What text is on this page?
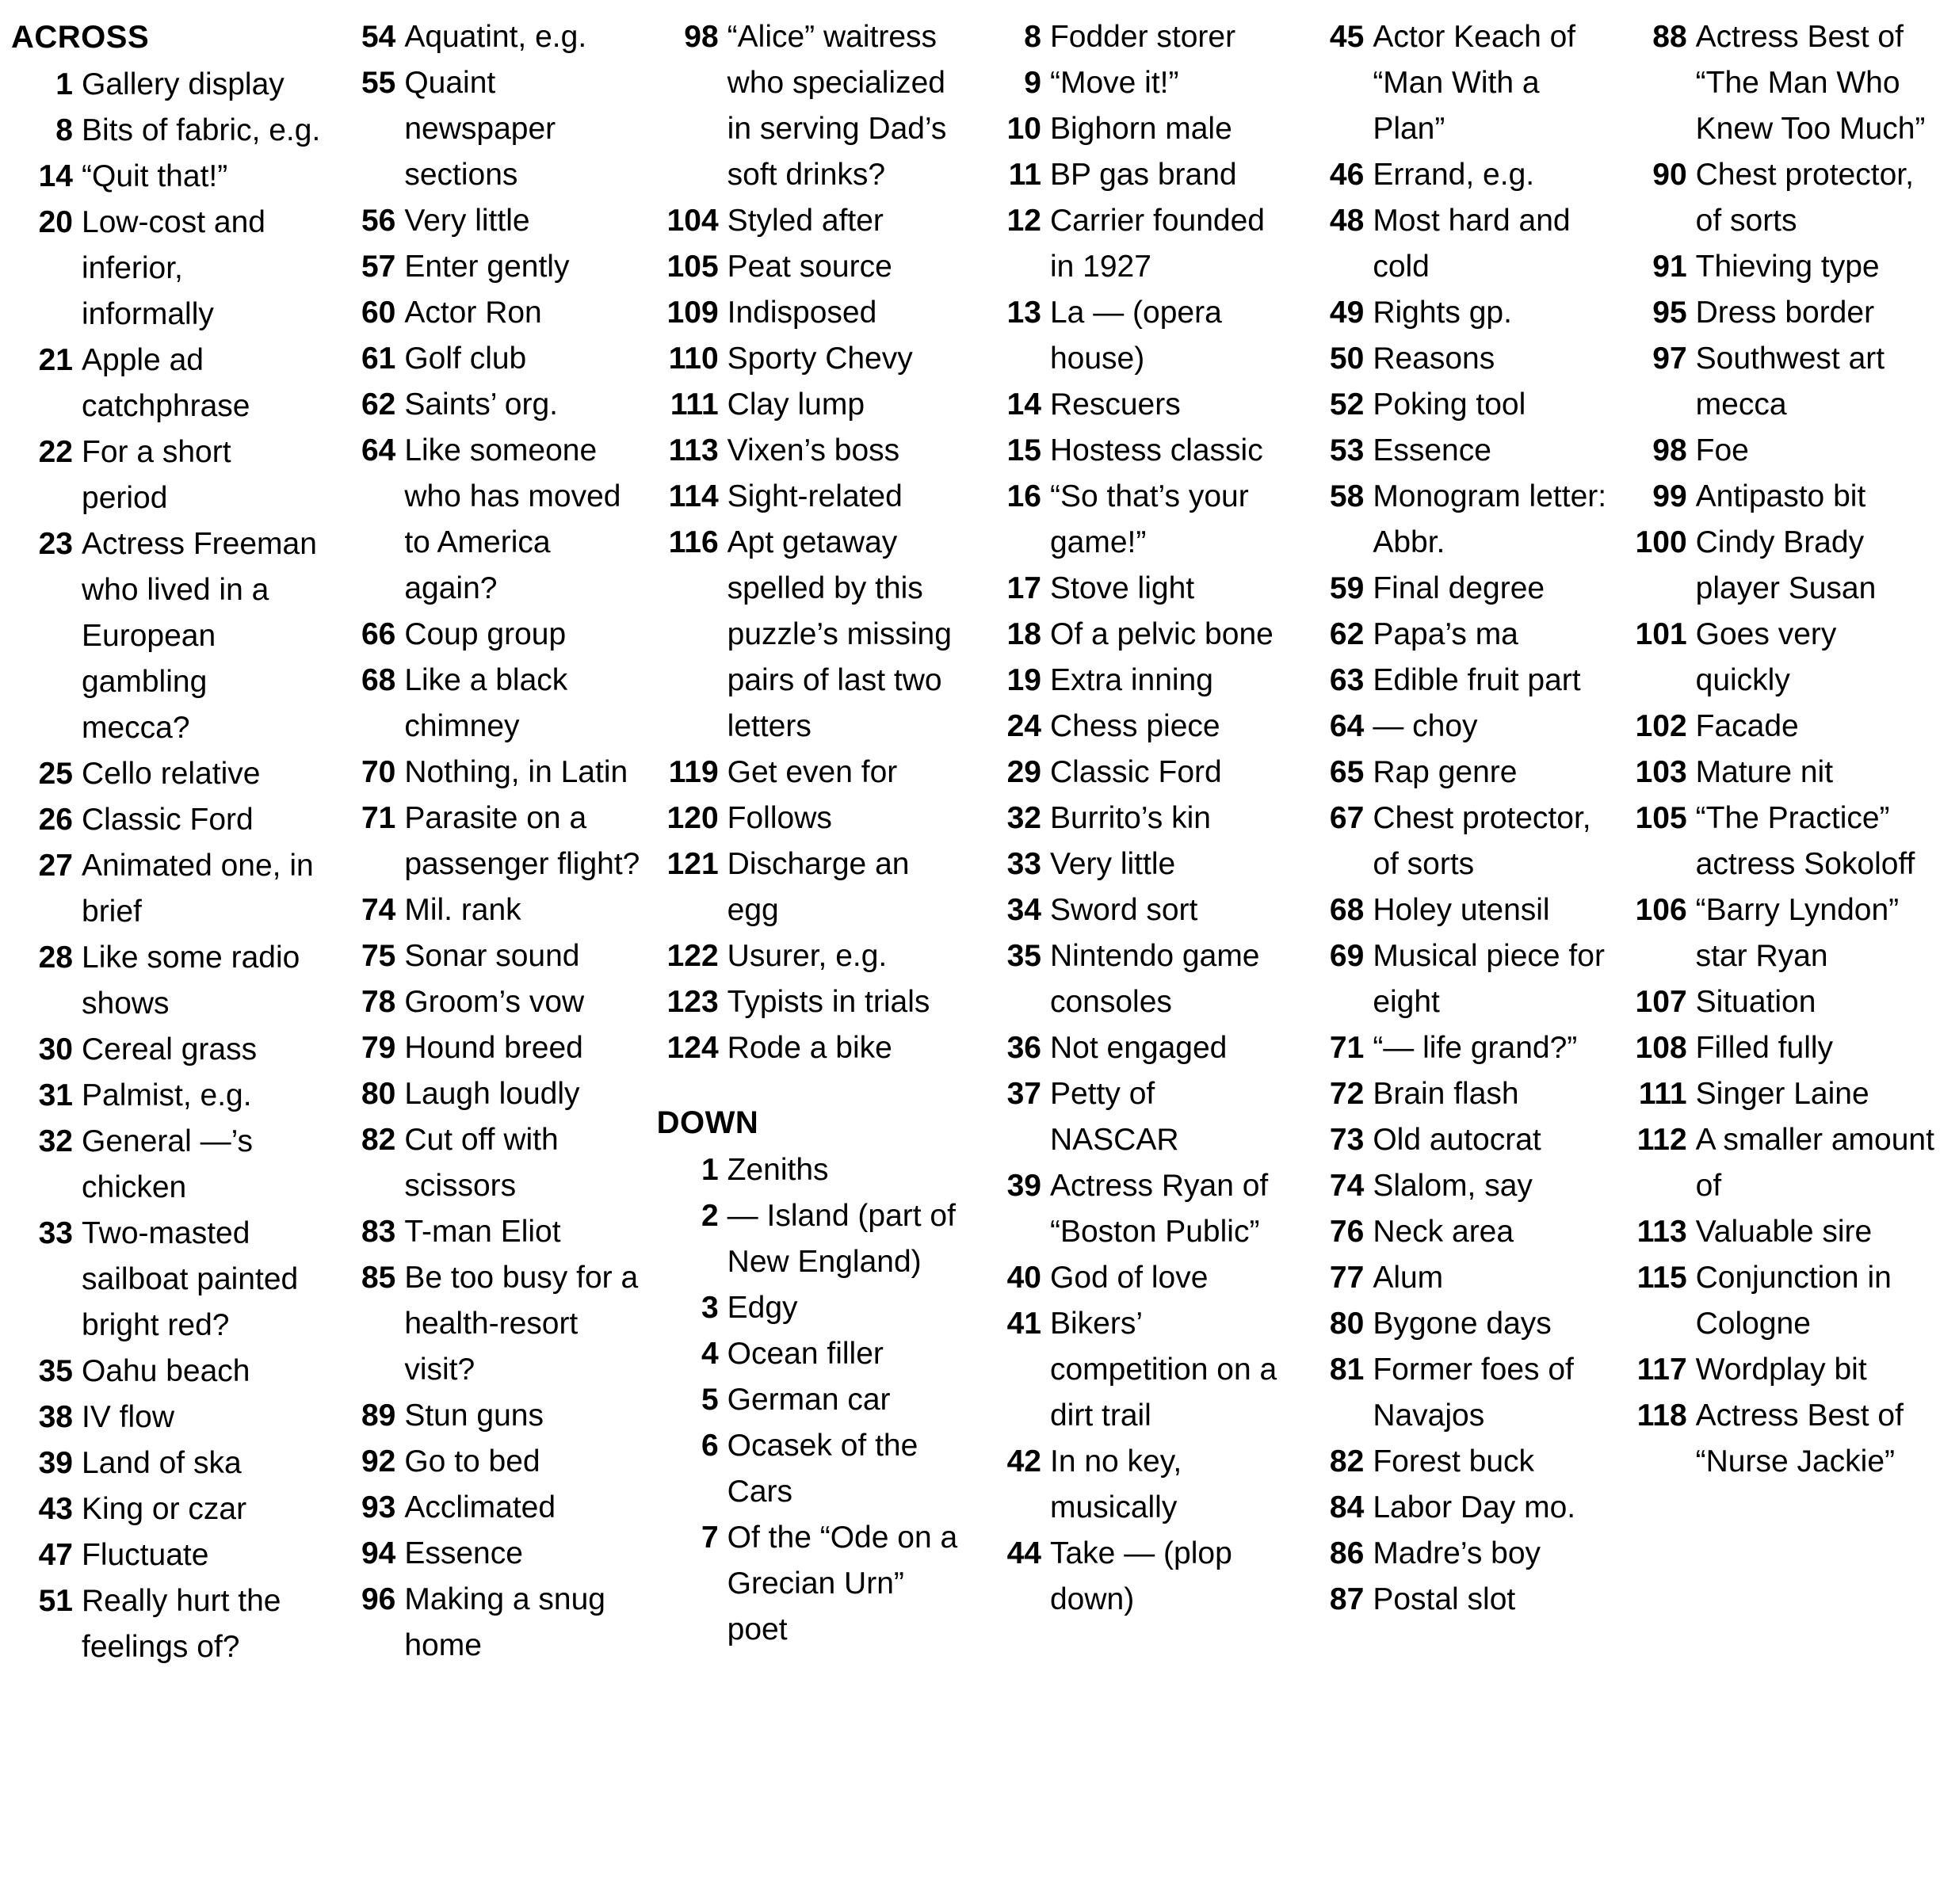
ACROSS
1 Gallery display
8 Bits of fabric, e.g.
14 “Quit that!”
20 Low-cost and inferior, informally
21 Apple ad catchphrase
22 For a short period
23 Actress Freeman who lived in a European gambling mecca?
25 Cello relative
26 Classic Ford
27 Animated one, in brief
28 Like some radio shows
30 Cereal grass
31 Palmist, e.g.
32 General —’s chicken
33 Two-masted sailboat painted bright red?
35 Oahu beach
38 IV flow
39 Land of ska
43 King or czar
47 Fluctuate
51 Really hurt the feelings of?
54 Aquatint, e.g.
55 Quaint newspaper sections
56 Very little
57 Enter gently
60 Actor Ron
61 Golf club
62 Saints’ org.
64 Like someone who has moved to America again?
66 Coup group
68 Like a black chimney
70 Nothing, in Latin
71 Parasite on a passenger flight?
74 Mil. rank
75 Sonar sound
78 Groom’s vow
79 Hound breed
80 Laugh loudly
82 Cut off with scissors
83 T-man Eliot
85 Be too busy for a health-resort visit?
89 Stun guns
92 Go to bed
93 Acclimated
94 Essence
96 Making a snug home
98 “Alice” waitress who specialized in serving Dad’s soft drinks?
104 Styled after
105 Peat source
109 Indisposed
110 Sporty Chevy
111 Clay lump
113 Vixen’s boss
114 Sight-related
116 Apt getaway spelled by this puzzle’s missing pairs of last two letters
119 Get even for
120 Follows
121 Discharge an egg
122 Usurer, e.g.
123 Typists in trials
124 Rode a bike
DOWN
1 Zeniths
2 — Island (part of New England)
3 Edgy
4 Ocean filler
5 German car
6 Ocasek of the Cars
7 Of the “Ode on a Grecian Urn” poet
8 Fodder storer
9 “Move it!”
10 Bighorn male
11 BP gas brand
12 Carrier founded in 1927
13 La — (opera house)
14 Rescuers
15 Hostess classic
16 “So that’s your game!”
17 Stove light
18 Of a pelvic bone
19 Extra inning
24 Chess piece
29 Classic Ford
32 Burrito’s kin
33 Very little
34 Sword sort
35 Nintendo game consoles
36 Not engaged
37 Petty of NASCAR
39 Actress Ryan of “Boston Public”
40 God of love
41 Bikers’ competition on a dirt trail
42 In no key, musically
44 Take — (plop down)
45 Actor Keach of “Man With a Plan”
46 Errand, e.g.
48 Most hard and cold
49 Rights gp.
50 Reasons
52 Poking tool
53 Essence
58 Monogram letter: Abbr.
59 Final degree
62 Papa’s ma
63 Edible fruit part
64 — choy
65 Rap genre
67 Chest protector, of sorts
68 Holey utensil
69 Musical piece for eight
71 “— life grand?”
72 Brain flash
73 Old autocrat
74 Slalom, say
76 Neck area
77 Alum
80 Bygone days
81 Former foes of Navajos
82 Forest buck
84 Labor Day mo.
86 Madre’s boy
87 Postal slot
88 Actress Best of “The Man Who Knew Too Much”
90 Chest protector, of sorts
91 Thieving type
95 Dress border
97 Southwest art mecca
98 Foe
99 Antipasto bit
100 Cindy Brady player Susan
101 Goes very quickly
102 Facade
103 Mature nit
105 “The Practice” actress Sokoloff
106 “Barry Lyndon” star Ryan
107 Situation
108 Filled fully
111 Singer Laine
112 A smaller amount of
113 Valuable sire
115 Conjunction in Cologne
117 Wordplay bit
118 Actress Best of “Nurse Jackie”
